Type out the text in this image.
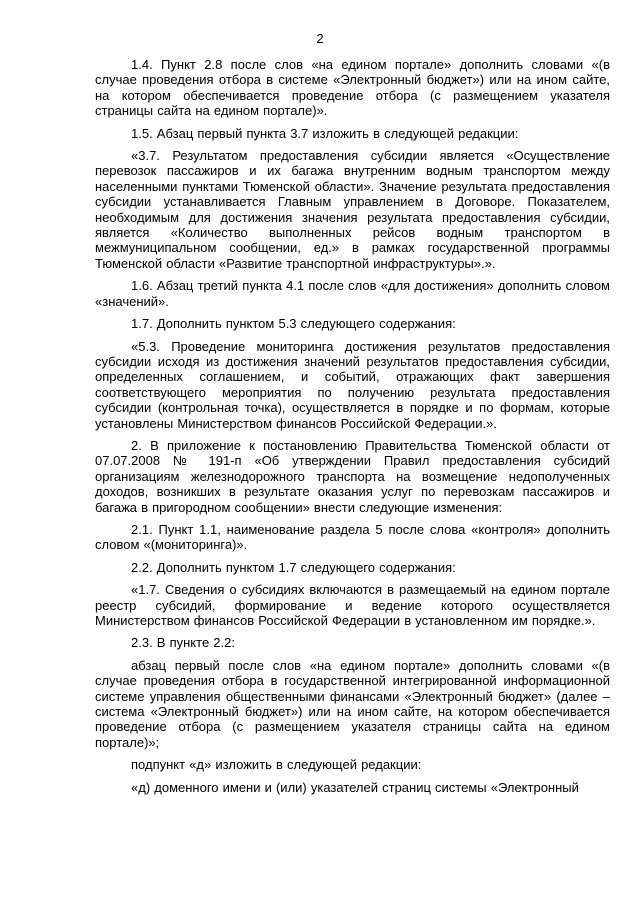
2

1.4. Пункт 2.8 после слов «на едином портале» дополнить словами «(в случае проведения отбора в системе «Электронный бюджет») или на ином сайте, на котором обеспечивается проведение отбора (с размещением указателя страницы сайта на едином портале)».

1.5. Абзац первый пункта 3.7 изложить в следующей редакции:

«3.7. Результатом предоставления субсидии является «Осуществление перевозок пассажиров и их багажа внутренним водным транспортом между населенными пунктами Тюменской области». Значение результата предоставления субсидии устанавливается Главным управлением в Договоре. Показателем, необходимым для достижения значения результата предоставления субсидии, является «Количество выполненных рейсов водным транспортом в межмуниципальном сообщении, ед.» в рамках государственной программы Тюменской области «Развитие транспортной инфраструктуры».».

1.6. Абзац третий пункта 4.1 после слов «для достижения» дополнить словом «значений».

1.7. Дополнить пунктом 5.3 следующего содержания:

«5.3. Проведение мониторинга достижения результатов предоставления субсидии исходя из достижения значений результатов предоставления субсидии, определенных соглашением, и событий, отражающих факт завершения соответствующего мероприятия по получению результата предоставления субсидии (контрольная точка), осуществляется в порядке и по формам, которые установлены Министерством финансов Российской Федерации.».

2. В приложение к постановлению Правительства Тюменской области от 07.07.2008 № 191-п «Об утверждении Правил предоставления субсидий организациям железнодорожного транспорта на возмещение недополученных доходов, возникших в результате оказания услуг по перевозкам пассажиров и багажа в пригородном сообщении» внести следующие изменения:

2.1. Пункт 1.1, наименование раздела 5 после слова «контроля» дополнить словом «(мониторинга)».

2.2. Дополнить пунктом 1.7 следующего содержания:

«1.7. Сведения о субсидиях включаются в размещаемый на едином портале реестр субсидий, формирование и ведение которого осуществляется Министерством финансов Российской Федерации в установленном им порядке.».

2.3. В пункте 2.2:

абзац первый после слов «на едином портале» дополнить словами «(в случае проведения отбора в государственной интегрированной информационной системе управления общественными финансами «Электронный бюджет» (далее – система «Электронный бюджет») или на ином сайте, на котором обеспечивается проведение отбора (с размещением указателя страницы сайта на едином портале)»;

подпункт «д» изложить в следующей редакции:

«д) доменного имени и (или) указателей страниц системы «Электронный
